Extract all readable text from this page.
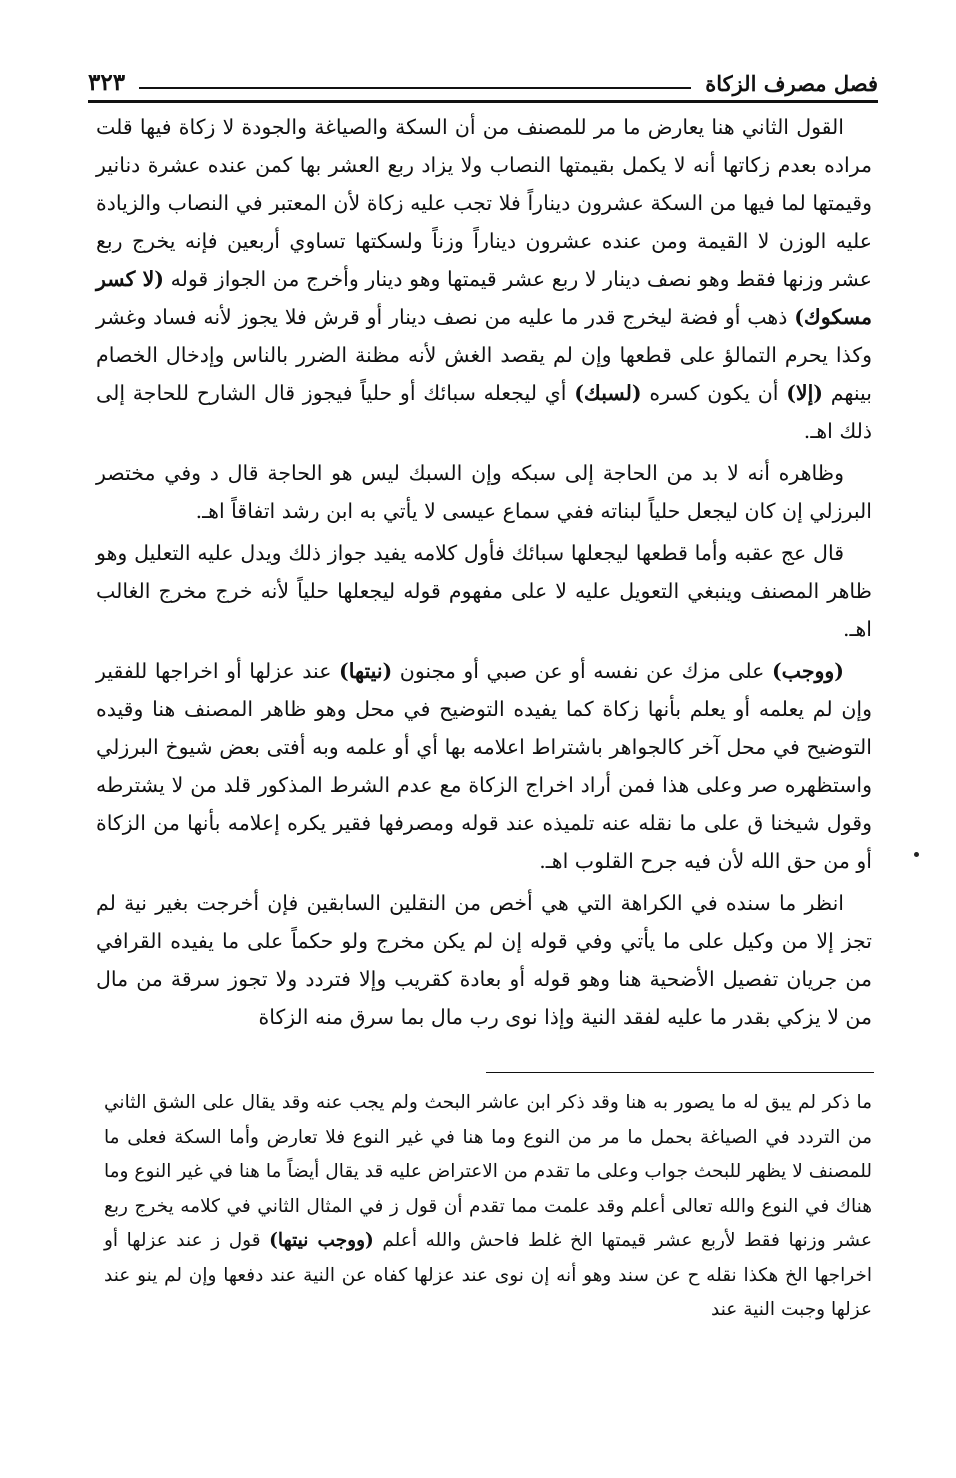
فصل مصرف الزكاة
٣٢٣

القول الثاني هنا يعارض ما مر للمصنف من أن السكة والصياغة والجودة لا زكاة فيها قلت مراده بعدم زكاتها أنه لا يكمل بقيمتها النصاب ولا يزاد ربع العشر بها كمن عنده عشرة دنانير وقيمتها لما فيها من السكة عشرون ديناراً فلا تجب عليه زكاة لأن المعتبر في النصاب والزيادة عليه الوزن لا القيمة ومن عنده عشرون ديناراً وزناً ولسكتها تساوي أربعين فإنه يخرج ربع عشر وزنها فقط وهو نصف دينار لا ربع عشر قيمتها وهو دينار وأخرج من الجواز قوله (لا كسر مسكوك) ذهب أو فضة ليخرج قدر ما عليه من نصف دينار أو قرش فلا يجوز لأنه فساد وغشر وكذا يحرم التمالؤ على قطعها وإن لم يقصد الغش لأنه مظنة الضرر بالناس وإدخال الخصام بينهم (إلا) أن يكون كسره (لسبك) أي ليجعله سبائك أو حلياً فيجوز قال الشارح للحاجة إلى ذلك اهـ.

وظاهره أنه لا بد من الحاجة إلى سبكه وإن السبك ليس هو الحاجة قال د وفي مختصر البرزلي إن كان ليجعل حلياً لبناته ففي سماع عيسى لا يأتي به ابن رشد اتفاقاً اهـ.

قال عج عقبه وأما قطعها ليجعلها سبائك فأول كلامه يفيد جواز ذلك ويدل عليه التعليل وهو ظاهر المصنف وينبغي التعويل عليه لا على مفهوم قوله ليجعلها حلياً لأنه خرج مخرج الغالب اهـ.

(ووجب) على مزك عن نفسه أو عن صبي أو مجنون (نيتها) عند عزلها أو اخراجها للفقير وإن لم يعلمه أو يعلم بأنها زكاة كما يفيده التوضيح في محل وهو ظاهر المصنف هنا وقيده التوضيح في محل آخر كالجواهر باشتراط اعلامه بها أي أو علمه وبه أفتى بعض شيوخ البرزلي واستظهره صر وعلى هذا فمن أراد اخراج الزكاة مع عدم الشرط المذكور قلد من لا يشترطه وقول شيخنا ق على ما نقله عنه تلميذه عند قوله ومصرفها فقير يكره إعلامه بأنها من الزكاة أو من حق الله لأن فيه جرح القلوب اهـ.

انظر ما سنده في الكراهة التي هي أخص من النقلين السابقين فإن أخرجت بغير نية لم تجز إلا من وكيل على ما يأتي وفي قوله إن لم يكن مخرج ولو حكماً على ما يفيده القرافي من جريان تفصيل الأضحية هنا وهو قوله أو بعادة كقريب وإلا فتردد ولا تجوز سرقة من مال من لا يزكي بقدر ما عليه لفقد النية وإذا نوى رب مال بما سرق منه الزكاة

ما ذكر لم يبق له ما يصور به هنا وقد ذكر ابن عاشر البحث ولم يجب عنه وقد يقال على الشق الثاني من التردد في الصياغة بحمل ما مر من النوع وما هنا في غير النوع فلا تعارض وأما السكة فعلى ما للمصنف لا يظهر للبحث جواب وعلى ما تقدم من الاعتراض عليه قد يقال أيضاً ما هنا في غير النوع وما هناك في النوع والله تعالى أعلم وقد علمت مما تقدم أن قول ز في المثال الثاني في كلامه يخرج ربع عشر وزنها فقط لأربع عشر قيمتها الخ غلط فاحش والله أعلم (ووجب نيتها) قول ز عند عزلها أو اخراجها الخ هكذا نقله ح عن سند وهو أنه إن نوى عند عزلها كفاه عن النية عند دفعها وإن لم ينو عند عزلها وجبت النية عند
